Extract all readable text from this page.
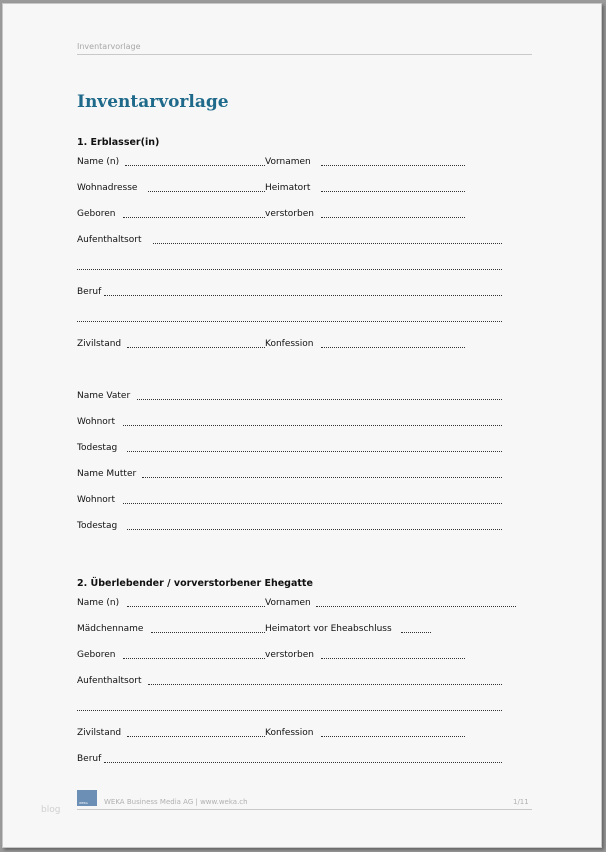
Inventarvorlage
Inventarvorlage
1. Erblasser(in)
Name (n)	Vornamen
Wohnadresse	Heimatort
Geboren	verstorben
Aufenthaltsort
Beruf
Zivilstand	Konfession
Name Vater
Wohnort
Todestag
Name Mutter
Wohnort
Todestag
2. Überlebender / vorverstorbener Ehegatte
Name (n)	Vornamen
Mädchenname	Heimatort vor Eheabschluss
Geboren	verstorben
Aufenthaltsort
Zivilstand	Konfession
Beruf
WEKA WEKA Business Media AG | www.weka.ch	1/11
blog
